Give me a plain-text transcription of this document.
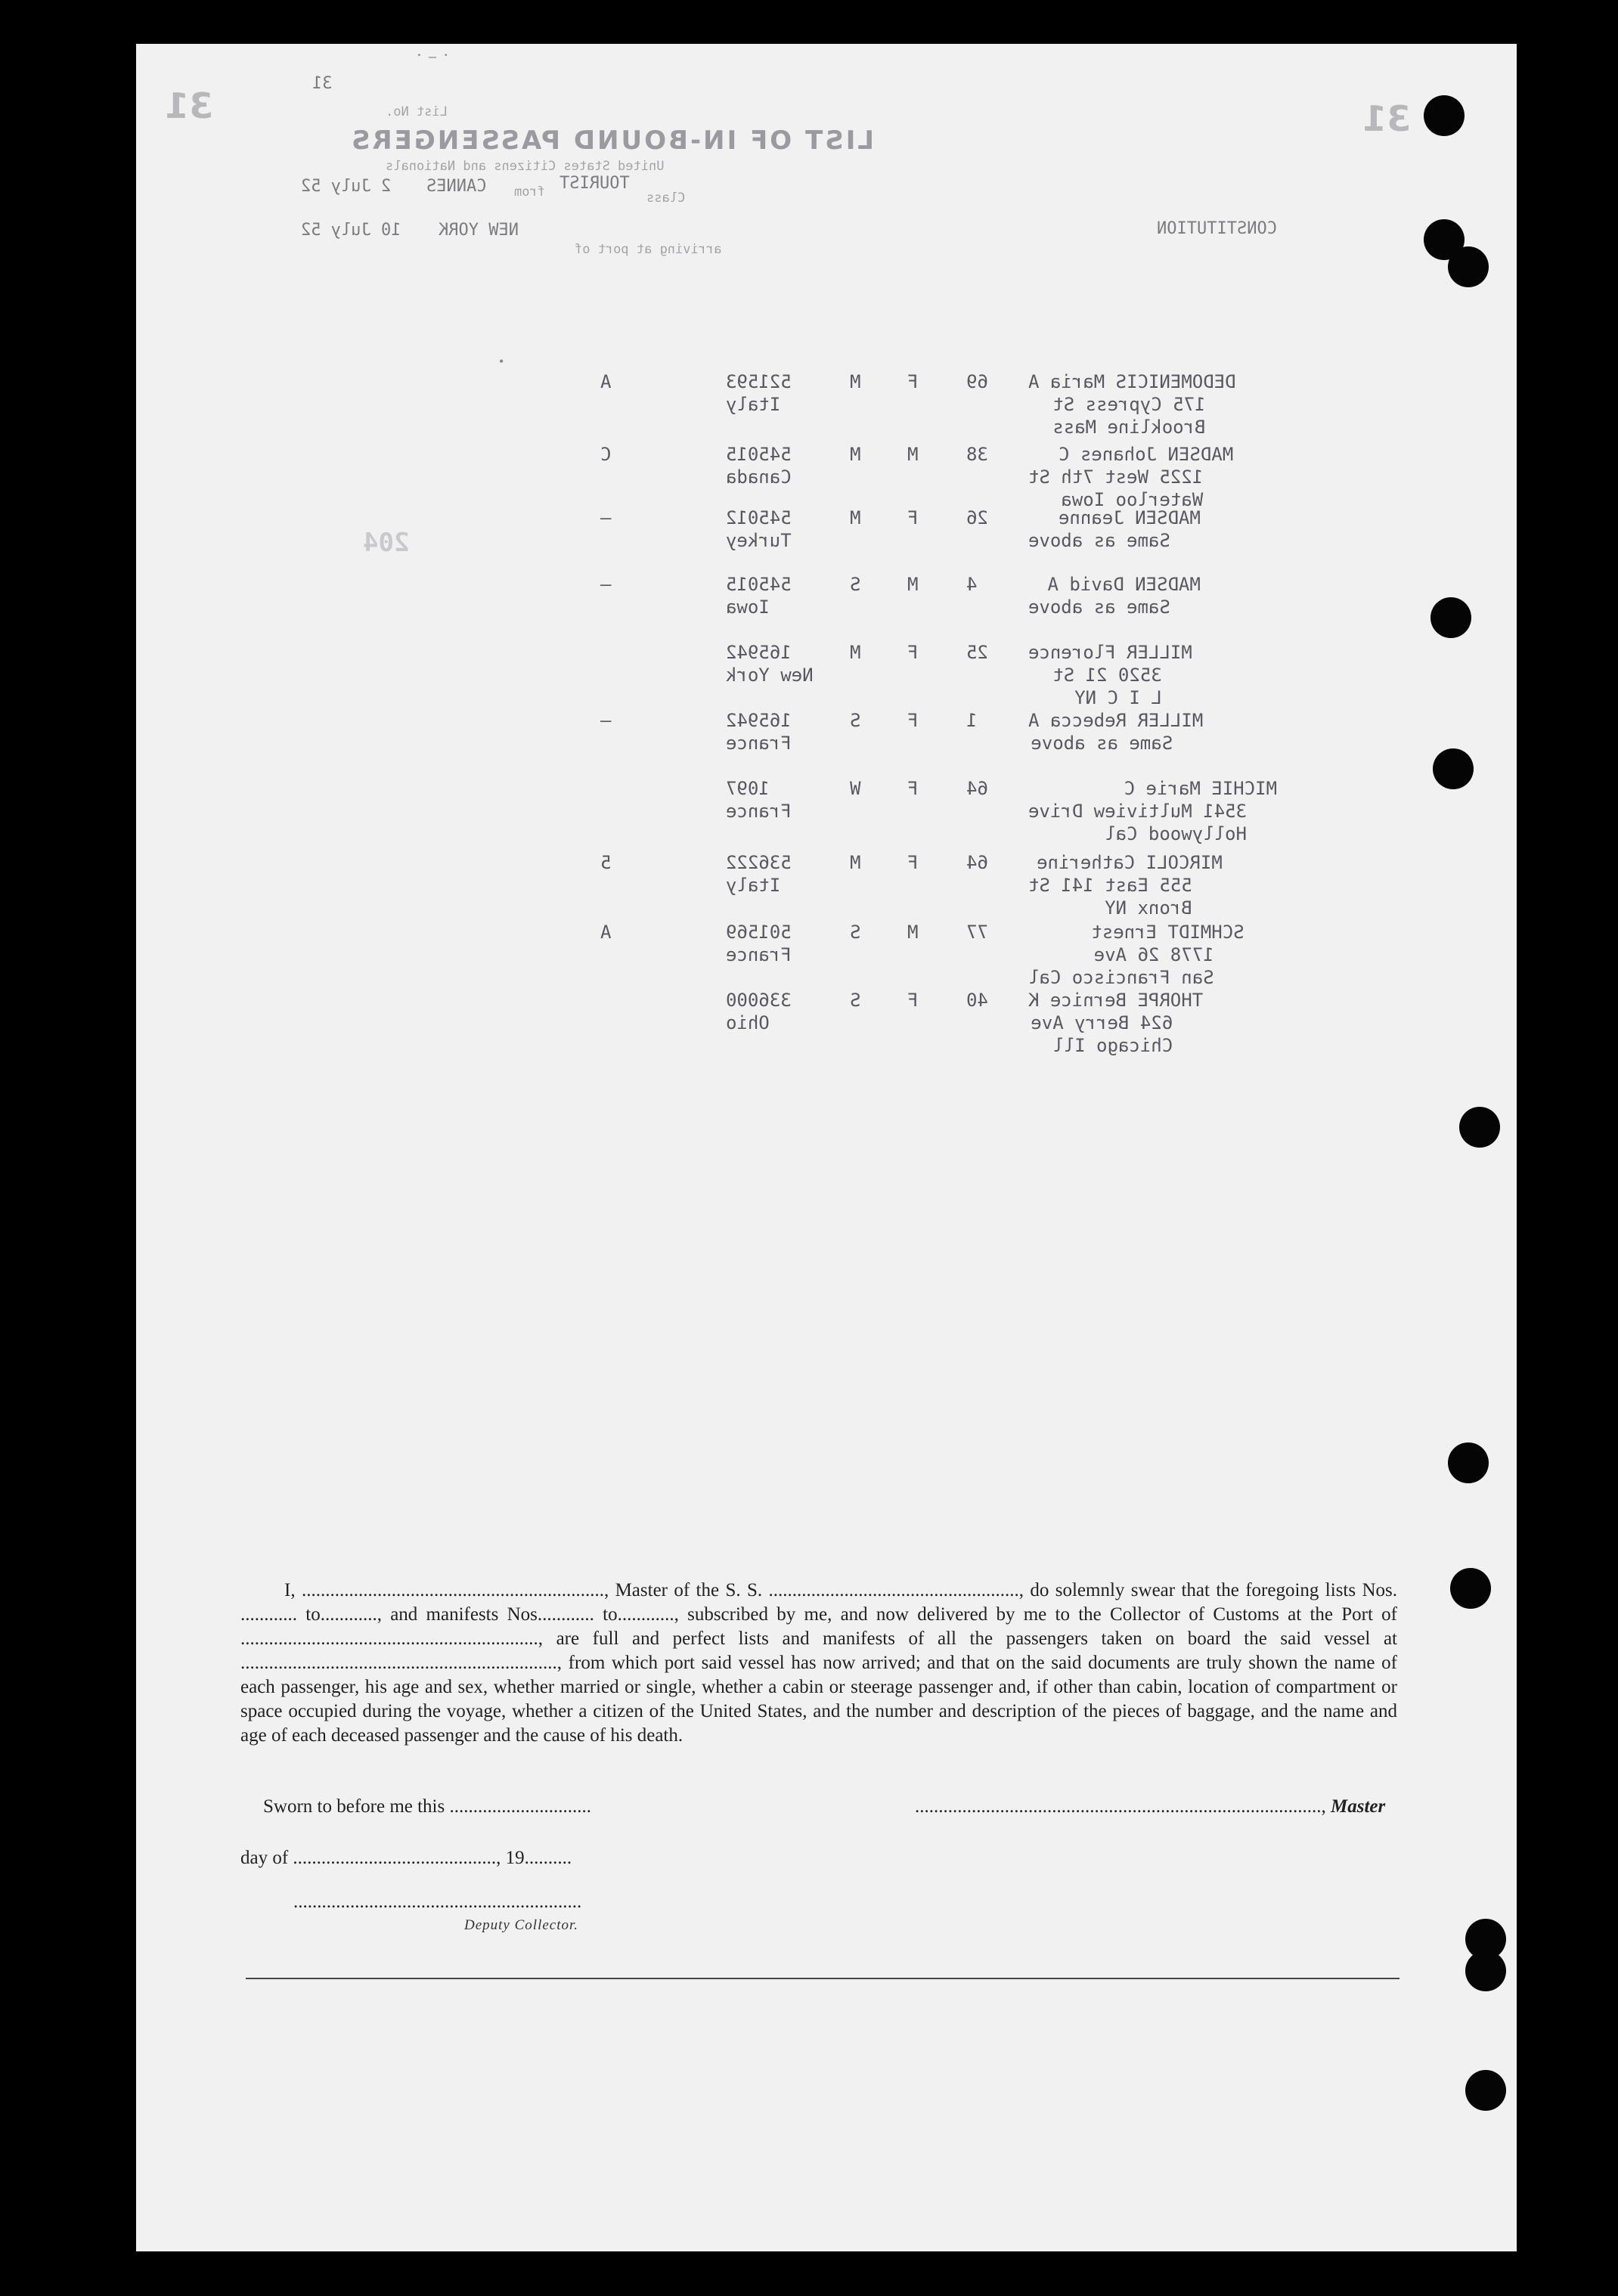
˙ ⁻ ˙
•
31
31	31
List No.
LIST OF IN-BOUND PASSENGERS
United States Citizens and Nationals
2 July 52 CANNES from TOURIST
Class
10 July 52 NEW YORK
arriving at port of
CONSTITUTION
204
DEDOMENICIS Maria A
175 Cypress St
Brookline Mass
69
F
M
521593
Italy
A
MADSEN Johanes C
1225 West 7th St
Waterloo Iowa
38
M
M
545015
Canada
C
MADSEN Jeanne
Same as above
26
F
M
545012
Turkey
—
MADSEN David A
Same as above
4
M
S
545015
Iowa
—
MILLER Florence
3520 21 St
L I C NY
25
F
M
165942
New York
MILLER Rebecca A
Same as above
1
F
S
165942
France
—
MICHIE Marie C
3541 Multiview Drive
Hollywood Cal
64
F
W
1097
France
MIRCOLI Catherine
555 East 141 St
Bronx NY
64
F
M
536222
Italy
5
SCHMIDT Ernest
1778 26 Ave
San Francisco Cal
77
M
S
501569
France
A
THORPE Bernice K
624 Berry Ave
Chicago Ill
40
F
S
336000
Ohio

I, ................................................................, Master of the S. S. ....................................................., do solemnly swear that the foregoing lists Nos. ............ to............, and manifests Nos............ to............, subscribed by me, and now delivered by me to the Collector of Customs at the Port of ..............................................................., are full and perfect lists and manifests of all the passengers taken on board the said vessel at ..................................................................., from which port said vessel has now arrived; and that on the said documents are truly shown the name of each passenger, his age and sex, whether married or single, whether a cabin or steerage passenger and, if other than cabin, location of compartment or space occupied during the voyage, whether a citizen of the United States, and the number and description of the pieces of baggage, and the name and age of each deceased passenger and the cause of his death.

Sworn to before me this ..............................	......................................................................................, Master
day of ..........................................., 19..........
.............................................................
Deputy Collector.
